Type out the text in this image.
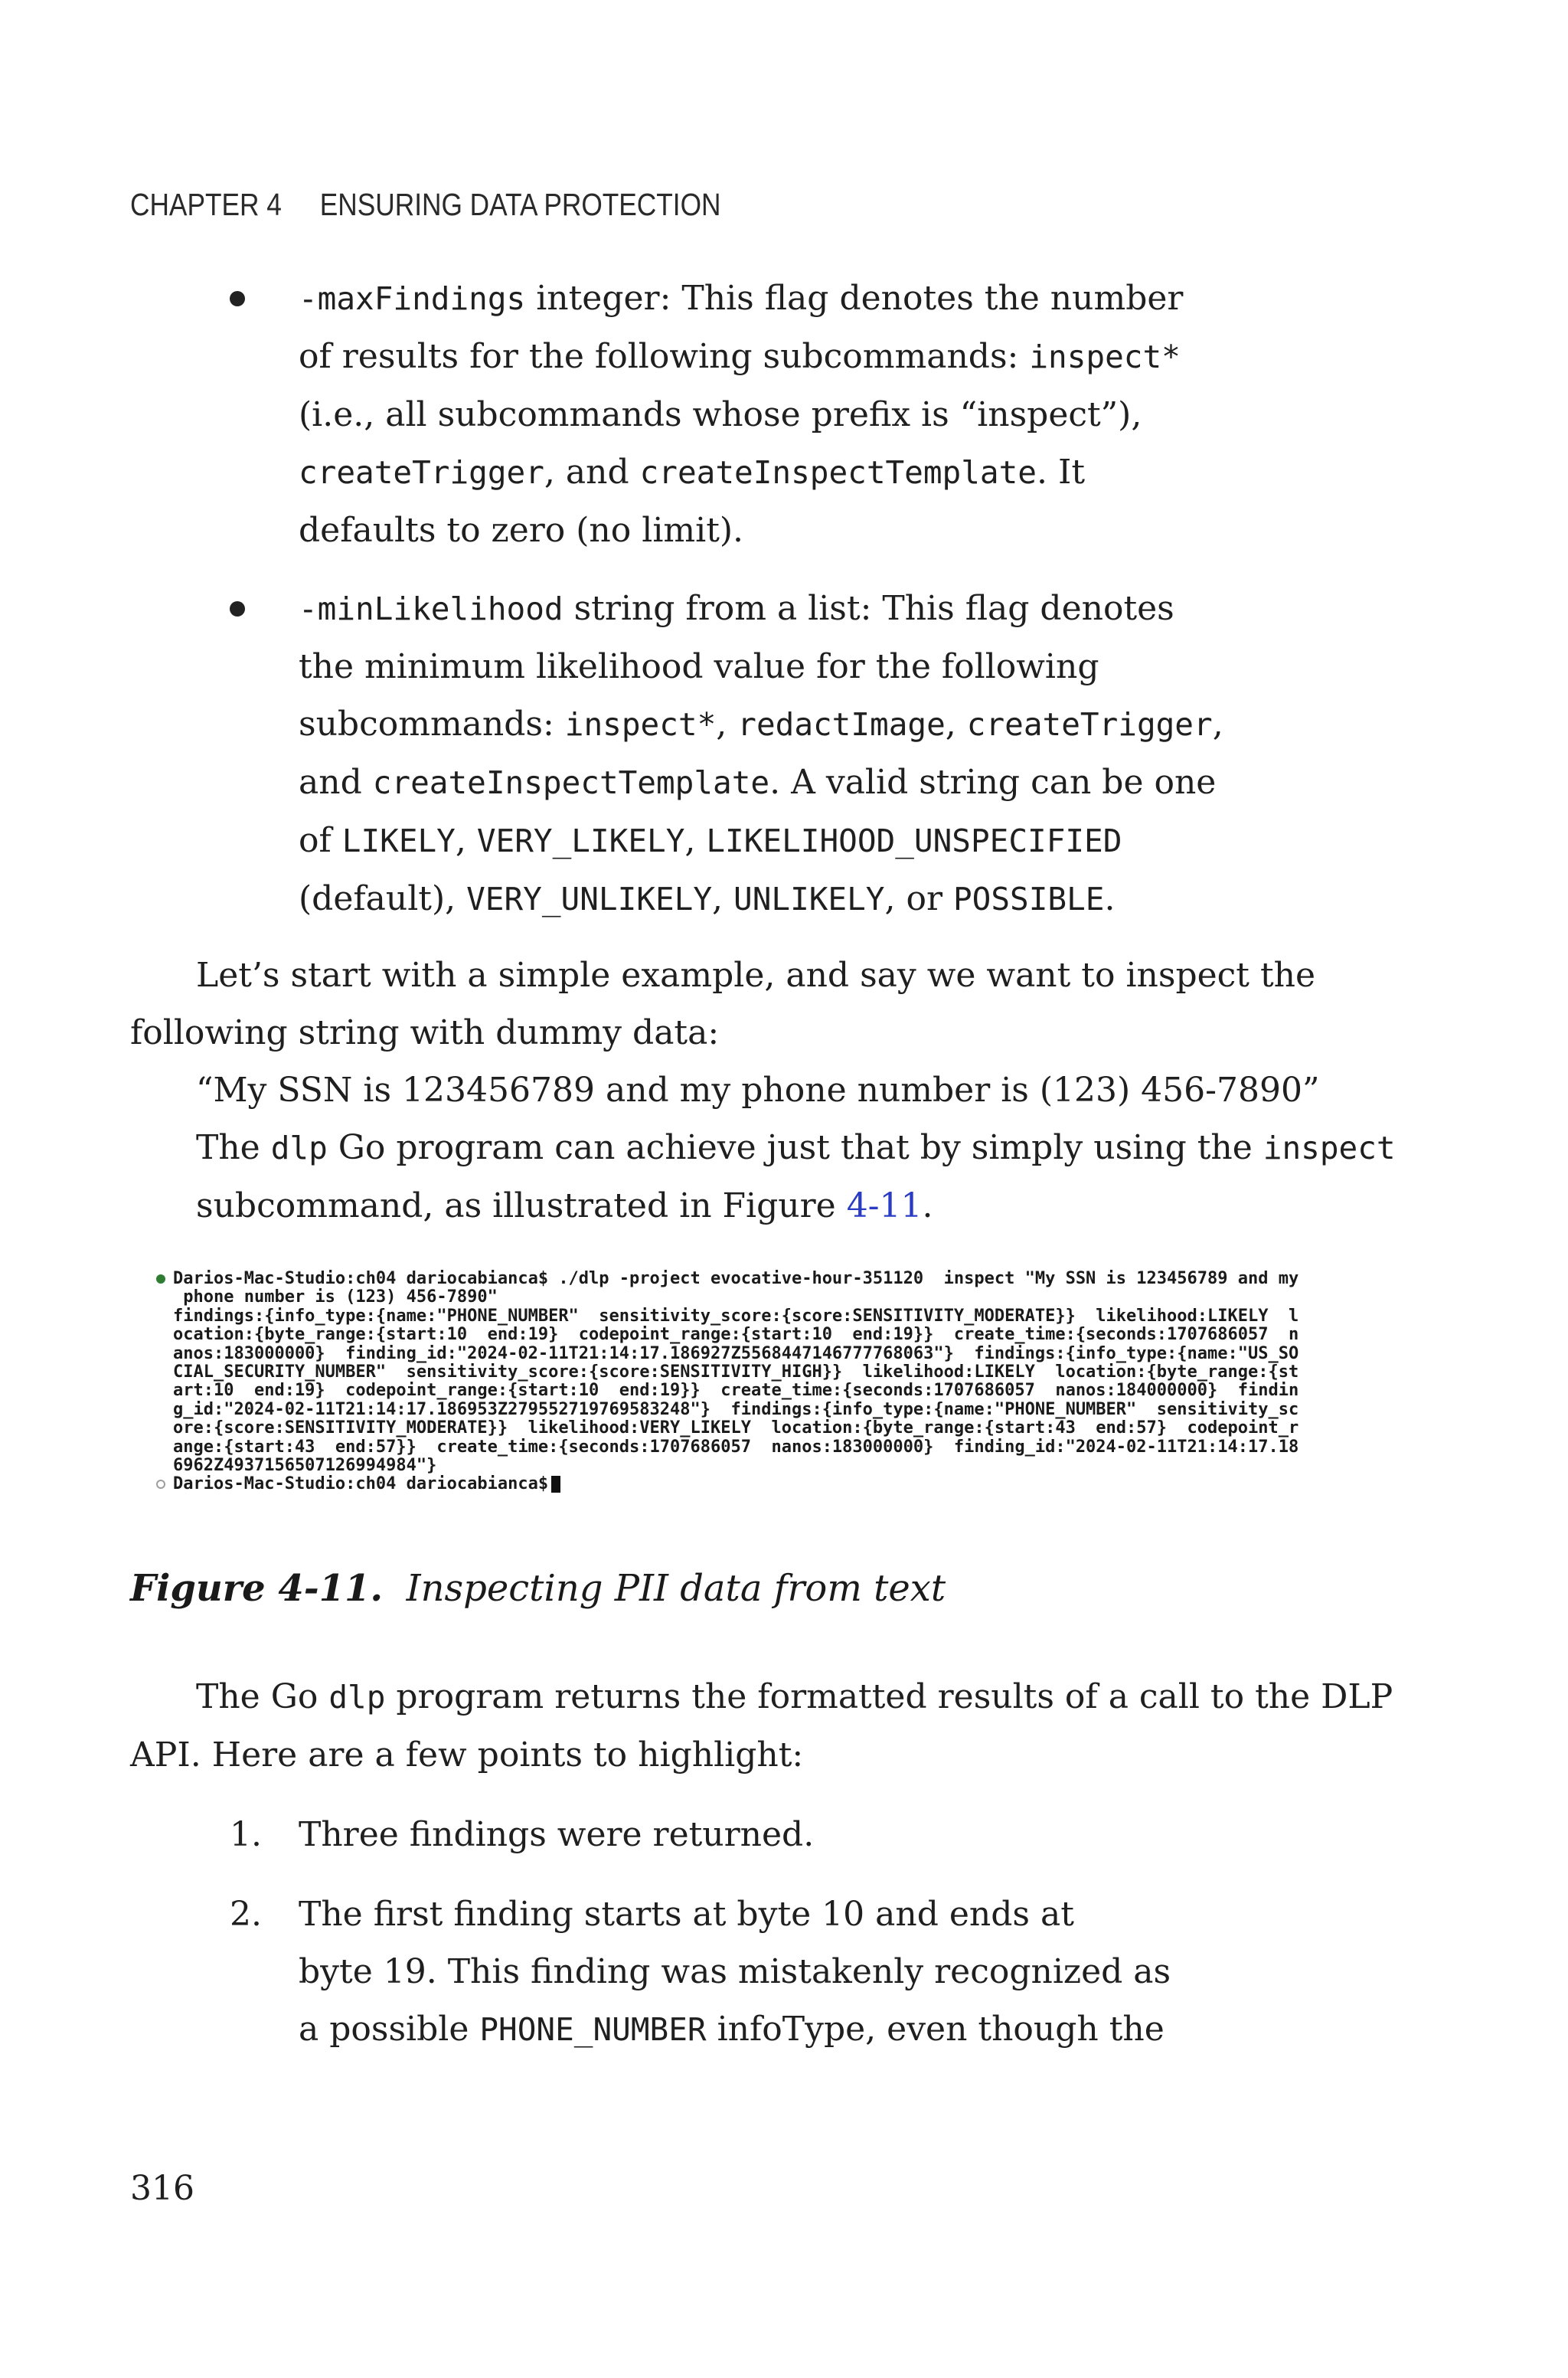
CHAPTER 4 ENSURING DATA PROTECTION
-maxFindings integer: This flag denotes the number
of results for the following subcommands: inspect*
(i.e., all subcommands whose prefix is “inspect”),
createTrigger, and createInspectTemplate. It
defaults to zero (no limit).
-minLikelihood string from a list: This flag denotes
the minimum likelihood value for the following
subcommands: inspect*, redactImage, createTrigger,
and createInspectTemplate. A valid string can be one
of LIKELY, VERY_LIKELY, LIKELIHOOD_UNSPECIFIED
(default), VERY_UNLIKELY, UNLIKELY, or POSSIBLE.
Let’s start with a simple example, and say we want to inspect the
following string with dummy data:
“My SSN is 123456789 and my phone number is (123) 456-7890”
The dlp Go program can achieve just that by simply using the inspect
subcommand, as illustrated in Figure 4-11.
Darios-Mac-Studio:ch04 dariocabianca$ ./dlp -project evocative-hour-351120  inspect "My SSN is 123456789 and my
phone number is (123) 456-7890"
findings:{info_type:{name:"PHONE_NUMBER"  sensitivity_score:{score:SENSITIVITY_MODERATE}}  likelihood:LIKELY  l
ocation:{byte_range:{start:10  end:19}  codepoint_range:{start:10  end:19}}  create_time:{seconds:1707686057  n
anos:183000000}  finding_id:"2024-02-11T21:14:17.186927Z5568447146777768063"}  findings:{info_type:{name:"US_SO
CIAL_SECURITY_NUMBER"  sensitivity_score:{score:SENSITIVITY_HIGH}}  likelihood:LIKELY  location:{byte_range:{st
art:10  end:19}  codepoint_range:{start:10  end:19}}  create_time:{seconds:1707686057  nanos:184000000}  findin
g_id:"2024-02-11T21:14:17.186953Z279552719769583248"}  findings:{info_type:{name:"PHONE_NUMBER"  sensitivity_sc
ore:{score:SENSITIVITY_MODERATE}}  likelihood:VERY_LIKELY  location:{byte_range:{start:43  end:57}  codepoint_r
ange:{start:43  end:57}}  create_time:{seconds:1707686057  nanos:183000000}  finding_id:"2024-02-11T21:14:17.18
6962Z4937156507126994984"}
Darios-Mac-Studio:ch04 dariocabianca$
Figure 4-11. Inspecting PII data from text
The Go dlp program returns the formatted results of a call to the DLP
API. Here are a few points to highlight:
1. Three findings were returned.
2. The first finding starts at byte 10 and ends at
byte 19. This finding was mistakenly recognized as
a possible PHONE_NUMBER infoType, even though the
316
